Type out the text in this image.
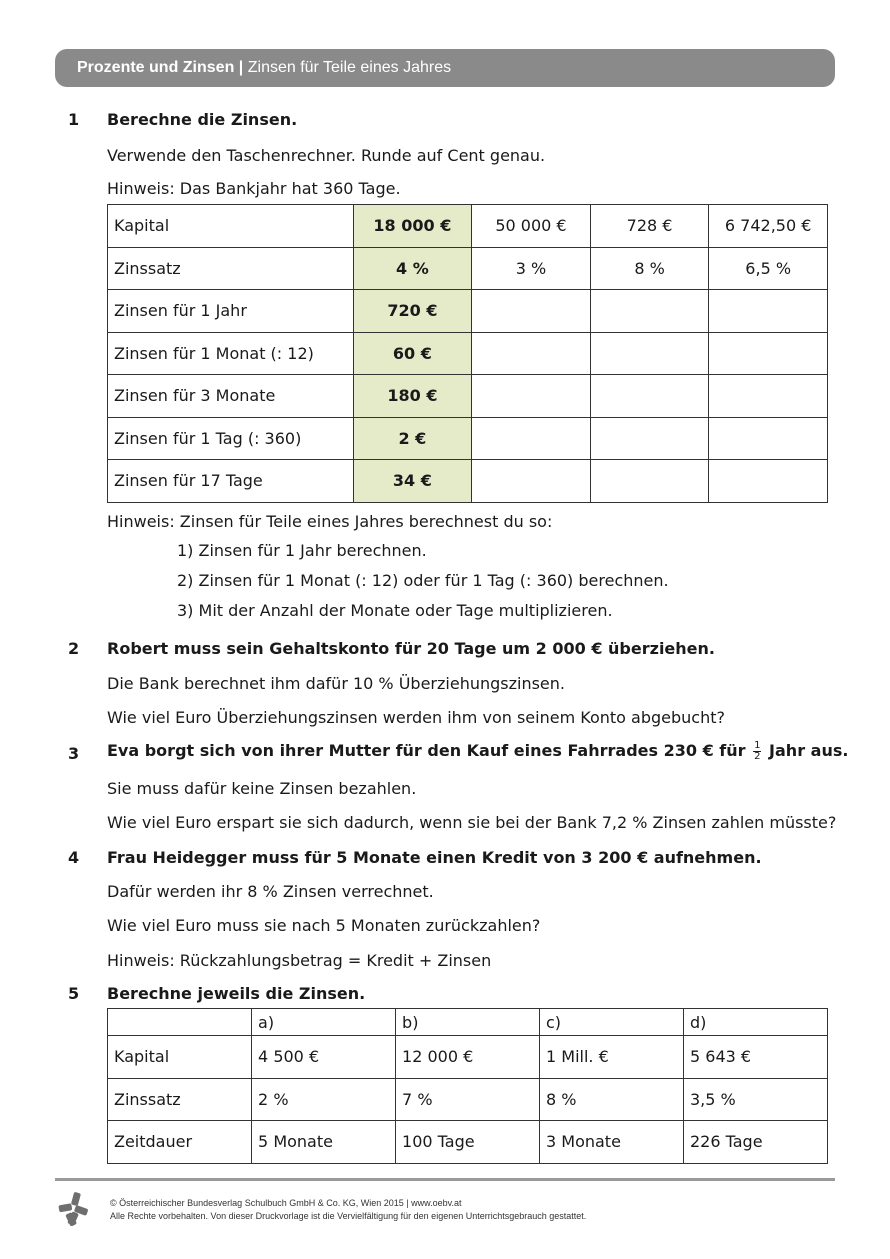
Prozente und Zinsen | Zinsen für Teile eines Jahres
1 Berechne die Zinsen.
Verwende den Taschenrechner. Runde auf Cent genau.
Hinweis: Das Bankjahr hat 360 Tage.
Kapital	18 000 €	50 000 €	728 €	6 742,50 €
Zinssatz	4 %	3 %	8 %	6,5 %
Zinsen für 1 Jahr	720 €			
Zinsen für 1 Monat (: 12)	60 €			
Zinsen für 3 Monate	180 €			
Zinsen für 1 Tag (: 360)	2 €			
Zinsen für 17 Tage	34 €			
Hinweis: Zinsen für Teile eines Jahres berechnest du so:
1) Zinsen für 1 Jahr berechnen.
2) Zinsen für 1 Monat (: 12) oder für 1 Tag (: 360) berechnen.
3) Mit der Anzahl der Monate oder Tage multiplizieren.
2 Robert muss sein Gehaltskonto für 20 Tage um 2 000 € überziehen.
Die Bank berechnet ihm dafür 10 % Überziehungszinsen.
Wie viel Euro Überziehungszinsen werden ihm von seinem Konto abgebucht?
3 Eva borgt sich von ihrer Mutter für den Kauf eines Fahrrades 230 € für $\frac{1}{2}$ Jahr aus.
Sie muss dafür keine Zinsen bezahlen.
Wie viel Euro erspart sie sich dadurch, wenn sie bei der Bank 7,2 % Zinsen zahlen müsste?
4 Frau Heidegger muss für 5 Monate einen Kredit von 3 200 € aufnehmen.
Dafür werden ihr 8 % Zinsen verrechnet.
Wie viel Euro muss sie nach 5 Monaten zurückzahlen?
Hinweis: Rückzahlungsbetrag = Kredit + Zinsen
5 Berechne jeweils die Zinsen.
	a)	b)	c)	d)
Kapital	4 500 €	12 000 €	1 Mill. €	5 643 €
Zinssatz	2 %	7 %	8 %	3,5 %
Zeitdauer	5 Monate	100 Tage	3 Monate	226 Tage
© Österreichischer Bundesverlag Schulbuch GmbH & Co. KG, Wien 2015 | www.oebv.at
Alle Rechte vorbehalten. Von dieser Druckvorlage ist die Vervielfältigung für den eigenen Unterrichtsgebrauch gestattet.
